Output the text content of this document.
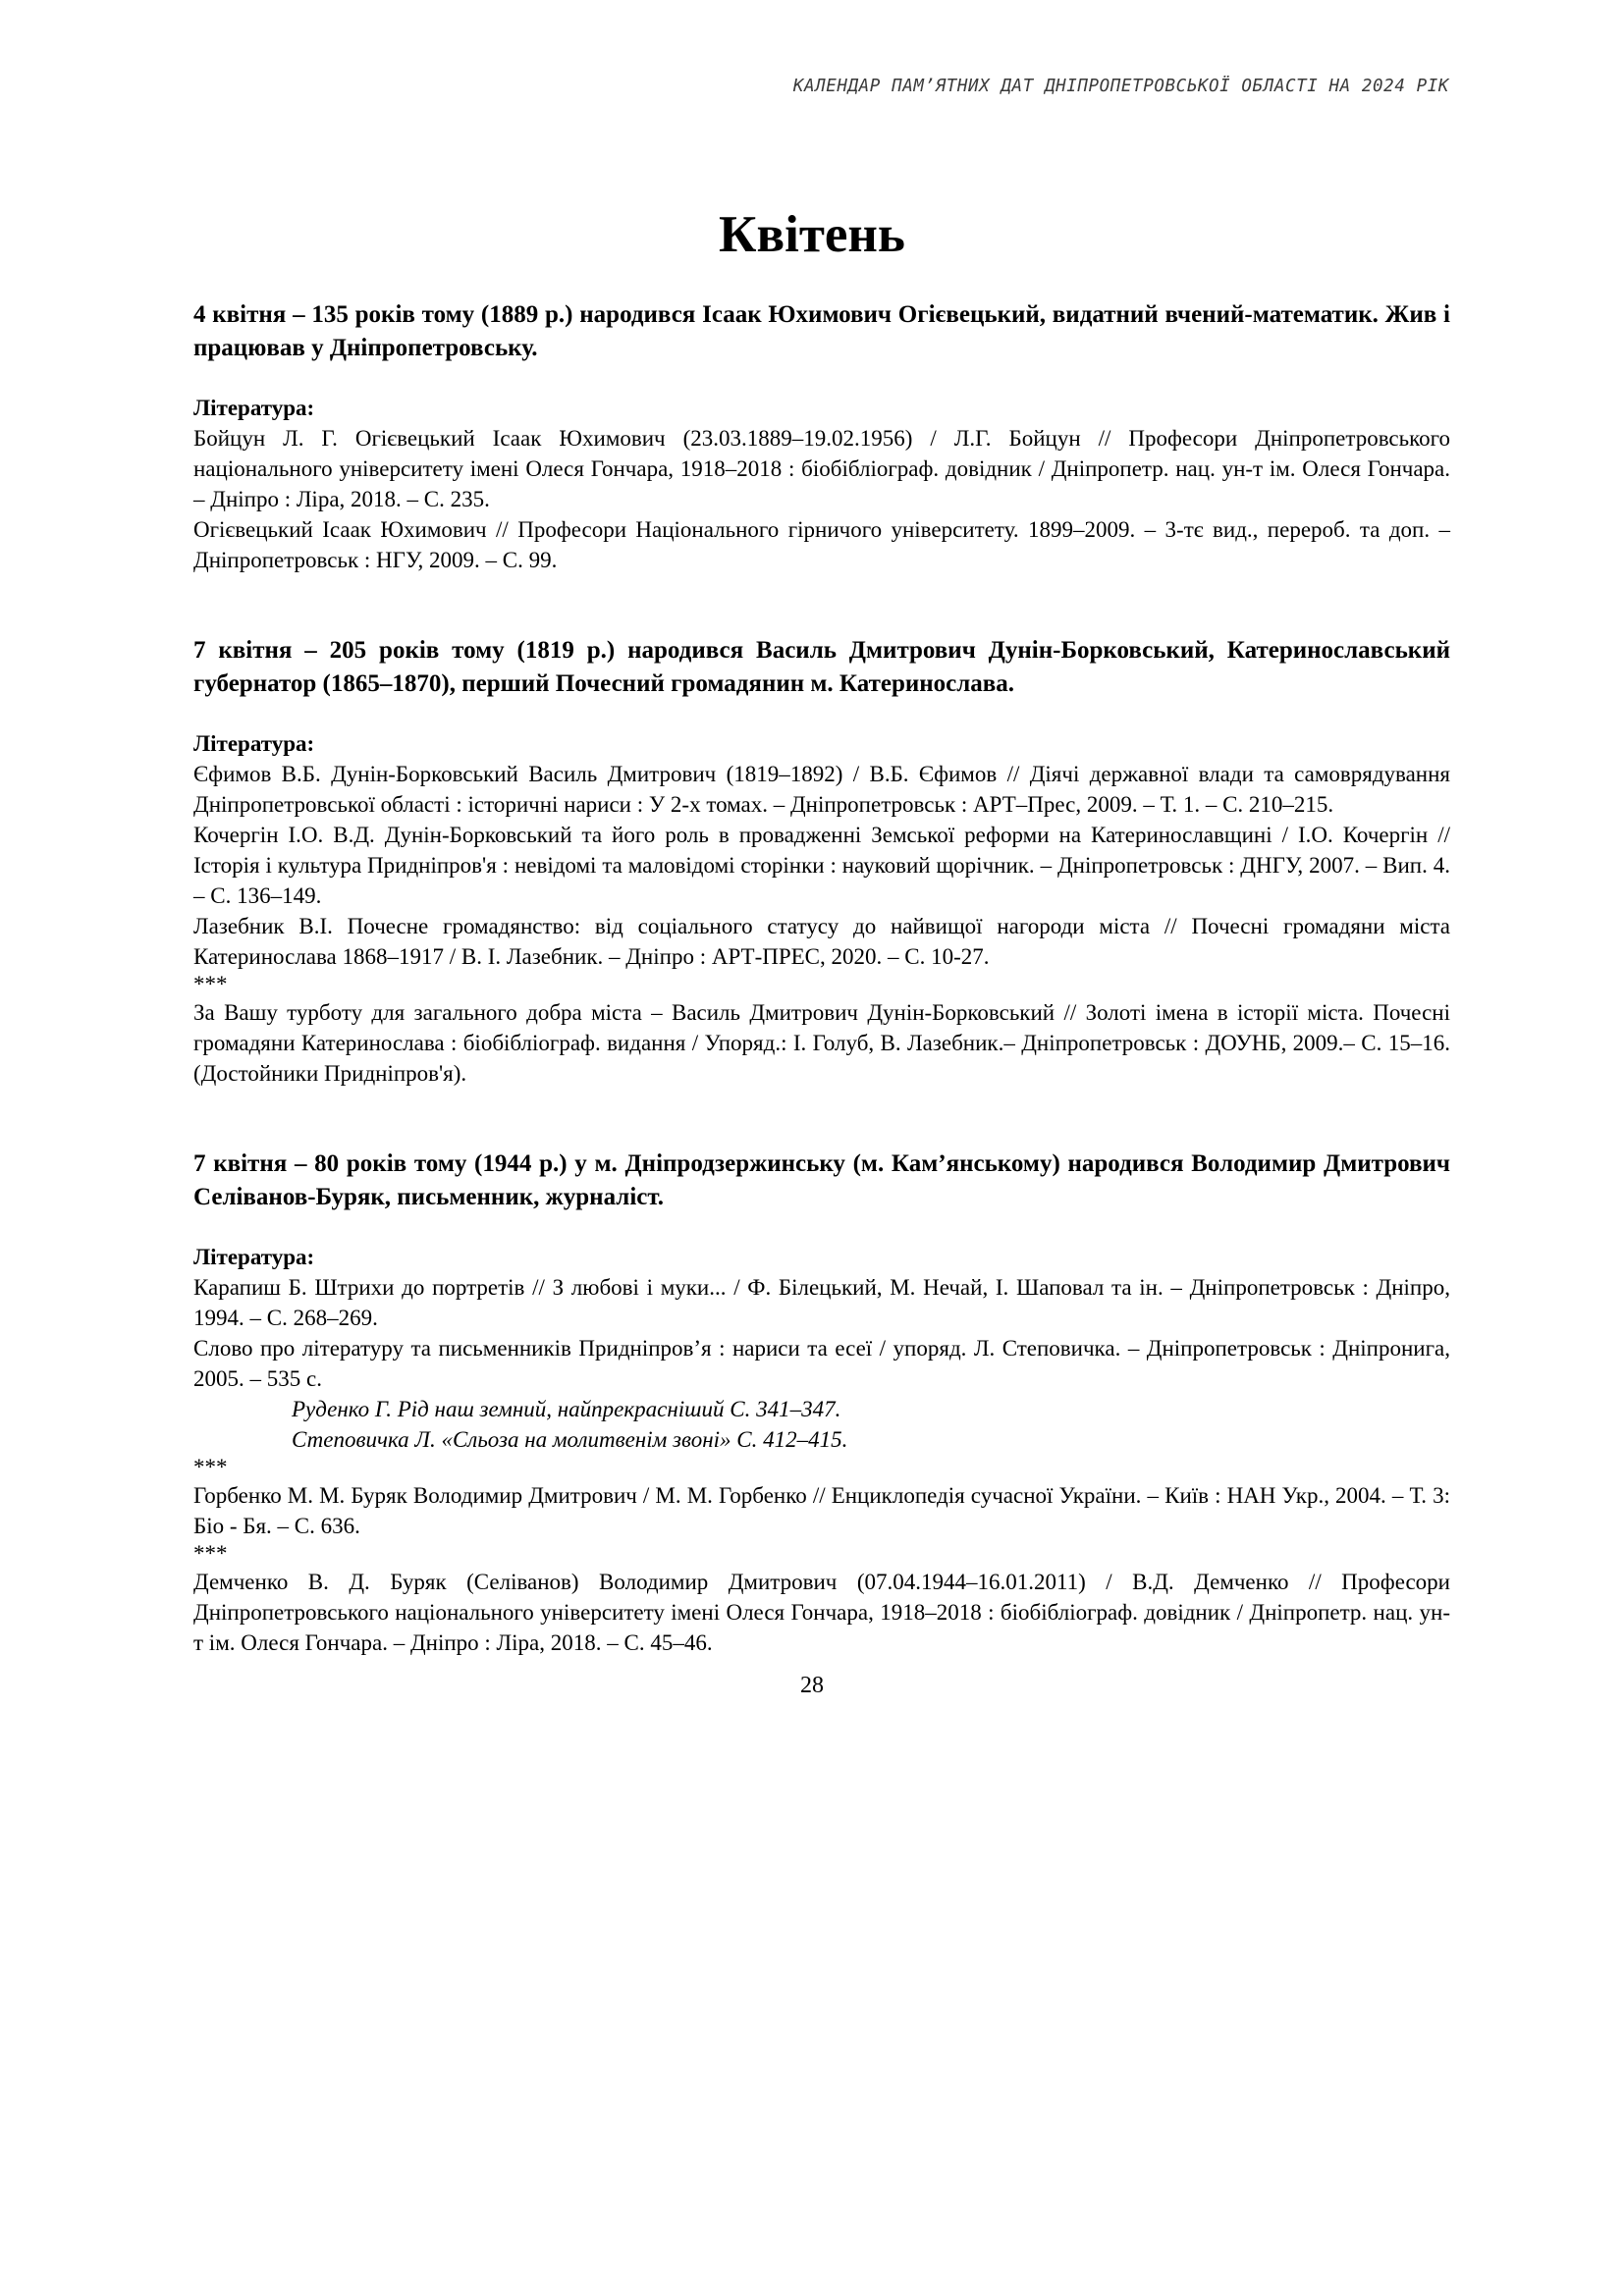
КАЛЕНДАР ПАМ’ЯТНИХ ДАТ ДНІПРОПЕТРОВСЬКОЇ ОБЛАСТІ НА 2024 РІК
Квітень

4 квітня – 135 років тому (1889 р.) народився Ісаак Юхимович Огієвецький, видатний вчений-математик. Жив і працював у Дніпропетровську.

Література:

Бойцун Л. Г. Огієвецький Ісаак Юхимович (23.03.1889–19.02.1956) / Л.Г. Бойцун // Професори Дніпропетровського національного університету імені Олеся Гончара, 1918–2018 : біобібліограф. довідник / Дніпропетр. нац. ун-т ім. Олеся Гончара. – Дніпро : Ліра, 2018. – С. 235.

Огієвецький Ісаак Юхимович // Професори Національного гірничого університету. 1899–2009. – 3-тє вид., перероб. та доп. – Дніпропетровськ : НГУ, 2009. – С. 99.

7 квітня – 205 років тому (1819 р.) народився Василь Дмитрович Дунін-Борковський, Катеринославський губернатор (1865–1870), перший Почесний громадянин м. Катеринослава.

Література:

Єфимов В.Б. Дунін-Борковський Василь Дмитрович (1819–1892) / В.Б. Єфимов // Діячі державної влади та самоврядування Дніпропетровської області : історичні нариси : У 2-х томах. – Дніпропетровськ : АРТ–Прес, 2009. – Т. 1. – С. 210–215.

Кочергін І.О. В.Д. Дунін-Борковський та його роль в провадженні Земської реформи на Катеринославщині / І.О. Кочергін // Історія і культура Придніпров'я : невідомі та маловідомі сторінки : науковий щорічник. – Дніпропетровськ : ДНГУ, 2007. – Вип. 4. – С. 136–149.

Лазебник В.І. Почесне громадянство: від соціального статусу до найвищої нагороди міста // Почесні громадяни міста Катеринослава 1868–1917 / В. І. Лазебник. – Дніпро : АРТ-ПРЕС, 2020. – С. 10-27.

***

За Вашу турботу для загального добра міста – Василь Дмитрович Дунін-Борковський // Золоті імена в історії міста. Почесні громадяни Катеринослава : біобібліограф. видання / Упоряд.: І. Голуб, В. Лазебник.– Дніпропетровськ : ДОУНБ, 2009.– С. 15–16. (Достойники Придніпров'я).

7 квітня – 80 років тому (1944 р.) у м. Дніпродзержинську (м. Кам’янському) народився Володимир Дмитрович Селіванов-Буряк, письменник, журналіст.

Література:

Карапиш Б. Штрихи до портретів // З любові і муки... / Ф. Білецький, М. Нечай, І. Шаповал та ін. – Дніпропетровськ : Дніпро, 1994. – С. 268–269.

Слово про літературу та письменників Придніпров’я : нариси та есеї / упоряд. Л. Степовичка. – Дніпропетровськ : Дніпронига, 2005. – 535 с.

Руденко Г. Рід наш земний, найпрекрасніший С. 341–347.

Степовичка Л. «Сльоза на молитвенім звоні» С. 412–415.

***

Горбенко М. М. Буряк Володимир Дмитрович / М. М. Горбенко // Енциклопедія сучасної України. – Київ : НАН Укр., 2004. – Т. 3: Біо - Бя. – С. 636.

***

Демченко В. Д. Буряк (Селіванов) Володимир Дмитрович (07.04.1944–16.01.2011) / В.Д. Демченко // Професори Дніпропетровського національного університету імені Олеся Гончара, 1918–2018 : біобібліограф. довідник / Дніпропетр. нац. ун-т ім. Олеся Гончара. – Дніпро : Ліра, 2018. – С. 45–46.

28
